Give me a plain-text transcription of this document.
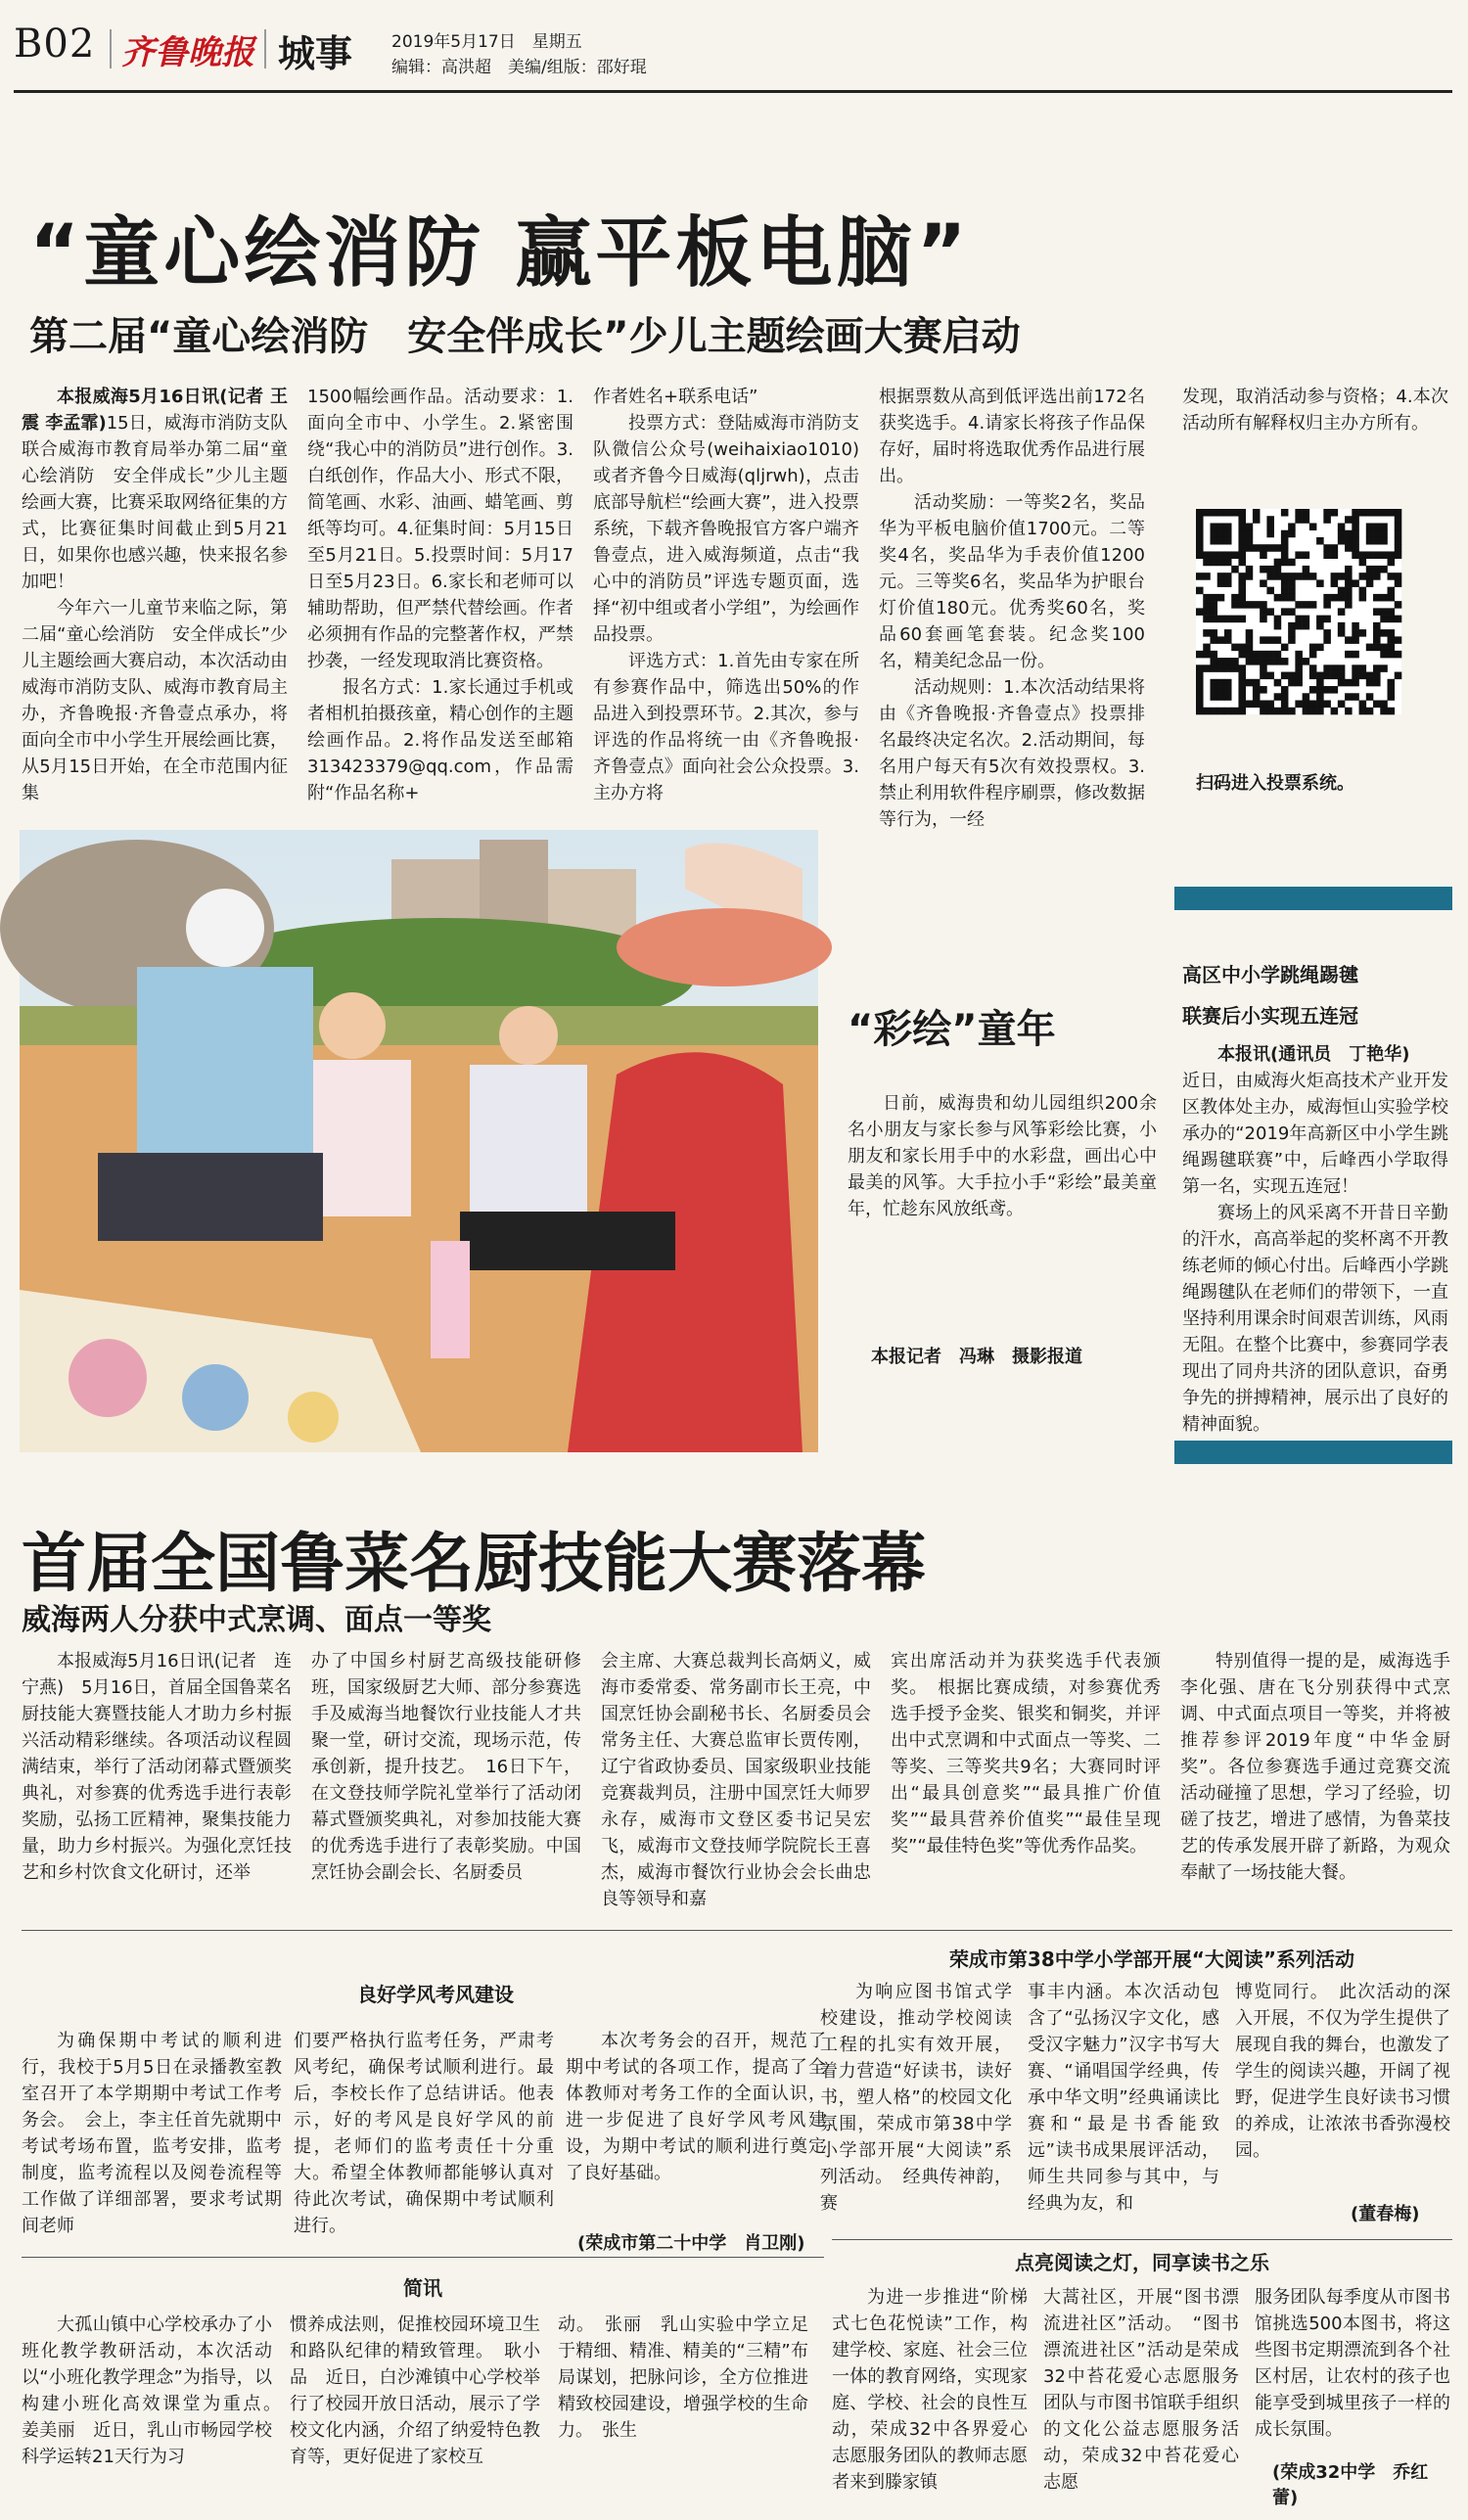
B02 齐鲁晚报 城事 2019年5月17日　星期五
编辑：高洪超　美编/组版：邵好琨
“童心绘消防 赢平板电脑”
第二届“童心绘消防　安全伴成长”少儿主题绘画大赛启动

本报威海5月16日讯(记者 王震 李孟霏)15日，威海市消防支队联合威海市教育局举办第二届“童心绘消防　安全伴成长”少儿主题绘画大赛，比赛采取网络征集的方式，比赛征集时间截止到5月21日，如果你也感兴趣，快来报名参加吧！

今年六一儿童节来临之际，第二届“童心绘消防　安全伴成长”少儿主题绘画大赛启动，本次活动由威海市消防支队、威海市教育局主办，齐鲁晚报·齐鲁壹点承办，将面向全市中小学生开展绘画比赛，从5月15日开始，在全市范围内征集

1500幅绘画作品。活动要求：1.面向全市中、小学生。2.紧密围绕“我心中的消防员”进行创作。3.白纸创作，作品大小、形式不限，简笔画、水彩、油画、蜡笔画、剪纸等均可。4.征集时间：5月15日至5月21日。5.投票时间：5月17日至5月23日。6.家长和老师可以辅助帮助，但严禁代替绘画。作者必须拥有作品的完整著作权，严禁抄袭，一经发现取消比赛资格。

报名方式：1.家长通过手机或者相机拍摄孩童，精心创作的主题绘画作品。2.将作品发送至邮箱313423379@qq.com，作品需附“作品名称+

作者姓名+联系电话”

投票方式：登陆威海市消防支队微信公众号(weihaixiao1010)或者齐鲁今日威海(qljrwh)，点击底部导航栏“绘画大赛”，进入投票系统，下载齐鲁晚报官方客户端齐鲁壹点，进入威海频道，点击“我心中的消防员”评选专题页面，选择“初中组或者小学组”，为绘画作品投票。

评选方式：1.首先由专家在所有参赛作品中，筛选出50%的作品进入到投票环节。2.其次，参与评选的作品将统一由《齐鲁晚报·齐鲁壹点》面向社会公众投票。3.主办方将

根据票数从高到低评选出前172名获奖选手。4.请家长将孩子作品保存好，届时将选取优秀作品进行展出。

活动奖励：一等奖2名，奖品华为平板电脑价值1700元。二等奖4名，奖品华为手表价值1200元。三等奖6名，奖品华为护眼台灯价值180元。优秀奖60名，奖品60套画笔套装。纪念奖100名，精美纪念品一份。

活动规则：1.本次活动结果将由《齐鲁晚报·齐鲁壹点》投票排名最终决定名次。2.活动期间，每名用户每天有5次有效投票权。3.禁止利用软件程序刷票，修改数据等行为，一经

发现，取消活动参与资格；4.本次活动所有解释权归主办方所有。

扫码进入投票系统。
“彩绘”童年

日前，威海贵和幼儿园组织200余名小朋友与家长参与风筝彩绘比赛，小朋友和家长用手中的水彩盘，画出心中最美的风筝。大手拉小手“彩绘”最美童年，忙趁东风放纸鸢。

本报记者　冯琳　摄影报道
高区中小学跳绳踢毽
联赛后小实现五连冠

本报讯(通讯员　丁艳华)

近日，由威海火炬高技术产业开发区教体处主办，威海恒山实验学校承办的“2019年高新区中小学生跳绳踢毽联赛”中，后峰西小学取得第一名，实现五连冠！

赛场上的风采离不开昔日辛勤的汗水，高高举起的奖杯离不开教练老师的倾心付出。后峰西小学跳绳踢毽队在老师们的带领下，一直坚持利用课余时间艰苦训练，风雨无阻。在整个比赛中，参赛同学表现出了同舟共济的团队意识，奋勇争先的拼搏精神，展示出了良好的精神面貌。

首届全国鲁菜名厨技能大赛落幕
威海两人分获中式烹调、面点一等奖

本报威海5月16日讯(记者　连宁燕)　5月16日，首届全国鲁菜名厨技能大赛暨技能人才助力乡村振兴活动精彩继续。各项活动议程圆满结束，举行了活动闭幕式暨颁奖典礼，对参赛的优秀选手进行表彰奖励，弘扬工匠精神，聚集技能力量，助力乡村振兴。为强化烹饪技艺和乡村饮食文化研讨，还举

办了中国乡村厨艺高级技能研修班，国家级厨艺大师、部分参赛选手及威海当地餐饮行业技能人才共聚一堂，研讨交流，现场示范，传承创新，提升技艺。　16日下午，在文登技师学院礼堂举行了活动闭幕式暨颁奖典礼，对参加技能大赛的优秀选手进行了表彰奖励。中国烹饪协会副会长、名厨委员

会主席、大赛总裁判长高炳义，威海市委常委、常务副市长王亮，中国烹饪协会副秘书长、名厨委员会常务主任、大赛总监审长贾传刚，辽宁省政协委员、国家级职业技能竞赛裁判员，注册中国烹饪大师罗永存，威海市文登区委书记吴宏飞，威海市文登技师学院院长王喜杰，威海市餐饮行业协会会长曲忠良等领导和嘉

宾出席活动并为获奖选手代表颁奖。　根据比赛成绩，对参赛优秀选手授予金奖、银奖和铜奖，并评出中式烹调和中式面点一等奖、二等奖、三等奖共9名；大赛同时评出“最具创意奖”“最具推广价值奖”“最具营养价值奖”“最佳呈现奖”“最佳特色奖”等优秀作品奖。

特别值得一提的是，威海选手李化强、唐在飞分别获得中式烹调、中式面点项目一等奖，并将被推荐参评2019年度“中华金厨奖”。各位参赛选手通过竞赛交流活动碰撞了思想，学习了经验，切磋了技艺，增进了感情，为鲁菜技艺的传承发展开辟了新路，为观众奉献了一场技能大餐。

良好学风考风建设

为确保期中考试的顺利进行，我校于5月5日在录播教室教室召开了本学期期中考试工作考务会。　会上，李主任首先就期中考试考场布置，监考安排，监考制度，监考流程以及阅卷流程等工作做了详细部署，要求考试期间老师

们要严格执行监考任务，严肃考风考纪，确保考试顺利进行。最后，李校长作了总结讲话。他表示，好的考风是良好学风的前提，老师们的监考责任十分重大。希望全体教师都能够认真对待此次考试，确保期中考试顺利进行。

本次考务会的召开，规范了期中考试的各项工作，提高了全体教师对考务工作的全面认识，进一步促进了良好学风考风建设，为期中考试的顺利进行奠定了良好基础。

(荣成市第二十中学　肖卫刚)
荣成市第38中学小学部开展“大阅读”系列活动

为响应图书馆式学校建设，推动学校阅读工程的扎实有效开展，着力营造“好读书，读好书，塑人格”的校园文化氛围，荣成市第38中学小学部开展“大阅读”系列活动。　经典传神韵，赛

事丰内涵。本次活动包含了“弘扬汉字文化，感受汉字魅力”汉字书写大赛、“诵唱国学经典，传承中华文明”经典诵读比赛和“最是书香能致远”读书成果展评活动，师生共同参与其中，与经典为友，和

博览同行。　此次活动的深入开展，不仅为学生提供了展现自我的舞台，也激发了学生的阅读兴趣，开阔了视野，促进学生良好读书习惯的养成，让浓浓书香弥漫校园。

(董春梅)
简讯

大孤山镇中心学校承办了小班化教学教研活动，本次活动以“小班化教学理念”为指导，以构建小班化高效课堂为重点。　姜美丽　近日，乳山市畅园学校科学运转21天行为习

惯养成法则，促推校园环境卫生和路队纪律的精致管理。　耿小品　近日，白沙滩镇中心学校举行了校园开放日活动，展示了学校文化内涵，介绍了纳爱特色教育等，更好促进了家校互

动。　张丽　乳山实验中学立足于精细、精准、精美的“三精”布局谋划，把脉问诊，全方位推进精致校园建设，增强学校的生命力。　张生

点亮阅读之灯，同享读书之乐

为进一步推进“阶梯式七色花悦读”工作，构建学校、家庭、社会三位一体的教育网络，实现家庭、学校、社会的良性互动，荣成32中各界爱心志愿服务团队的教师志愿者来到滕家镇

大蒿社区，开展“图书漂流进社区”活动。　“图书漂流进社区”活动是荣成32中苔花爱心志愿服务团队与市图书馆联手组织的文化公益志愿服务活动，荣成32中苔花爱心志愿

服务团队每季度从市图书馆挑选500本图书，将这些图书定期漂流到各个社区村居，让农村的孩子也能享受到城里孩子一样的成长氛围。

(荣成32中学　乔红蕾)
